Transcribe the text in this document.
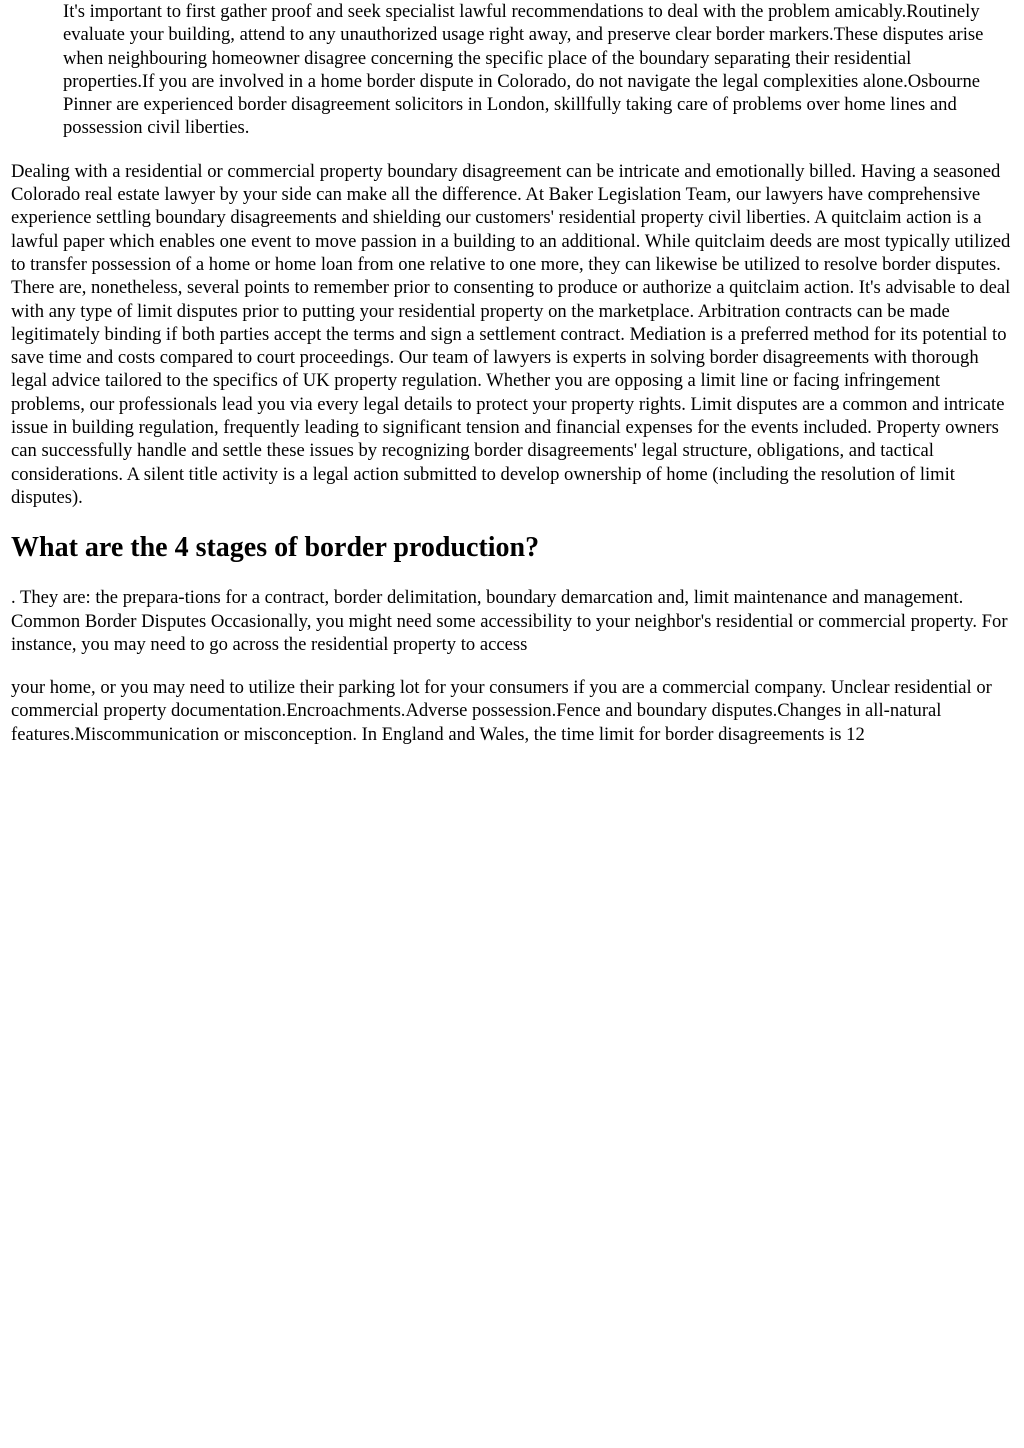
It's important to first gather proof and seek specialist lawful recommendations to deal with the problem amicably.Routinely evaluate your building, attend to any unauthorized usage right away, and preserve clear border markers.These disputes arise when neighbouring homeowner disagree concerning the specific place of the boundary separating their residential properties.If you are involved in a home border dispute in Colorado, do not navigate the legal complexities alone.Osbourne Pinner are experienced border disagreement solicitors in London, skillfully taking care of problems over home lines and possession civil liberties.

Dealing with a residential or commercial property boundary disagreement can be intricate and emotionally billed. Having a seasoned Colorado real estate lawyer by your side can make all the difference. At Baker Legislation Team, our lawyers have comprehensive experience settling boundary disagreements and shielding our customers' residential property civil liberties. A quitclaim action is a lawful paper which enables one event to move passion in a building to an additional. While quitclaim deeds are most typically utilized to transfer possession of a home or home loan from one relative to one more, they can likewise be utilized to resolve border disputes. There are, nonetheless, several points to remember prior to consenting to produce or authorize a quitclaim action. It's advisable to deal with any type of limit disputes prior to putting your residential property on the marketplace. Arbitration contracts can be made legitimately binding if both parties accept the terms and sign a settlement contract. Mediation is a preferred method for its potential to save time and costs compared to court proceedings. Our team of lawyers is experts in solving border disagreements with thorough legal advice tailored to the specifics of UK property regulation. Whether you are opposing a limit line or facing infringement problems, our professionals lead you via every legal details to protect your property rights. Limit disputes are a common and intricate issue in building regulation, frequently leading to significant tension and financial expenses for the events included. Property owners can successfully handle and settle these issues by recognizing border disagreements' legal structure, obligations, and tactical considerations. A silent title activity is a legal action submitted to develop ownership of home (including the resolution of limit disputes).

What are the 4 stages of border production?

. They are: the prepara-tions for a contract, border delimitation, boundary demarcation and, limit maintenance and management. Common Border Disputes Occasionally, you might need some accessibility to your neighbor's residential or commercial property. For instance, you may need to go across the residential property to access

your home, or you may need to utilize their parking lot for your consumers if you are a commercial company. Unclear residential or commercial property documentation.Encroachments.Adverse possession.Fence and boundary disputes.Changes in all-natural features.Miscommunication or misconception. In England and Wales, the time limit for border disagreements is 12
